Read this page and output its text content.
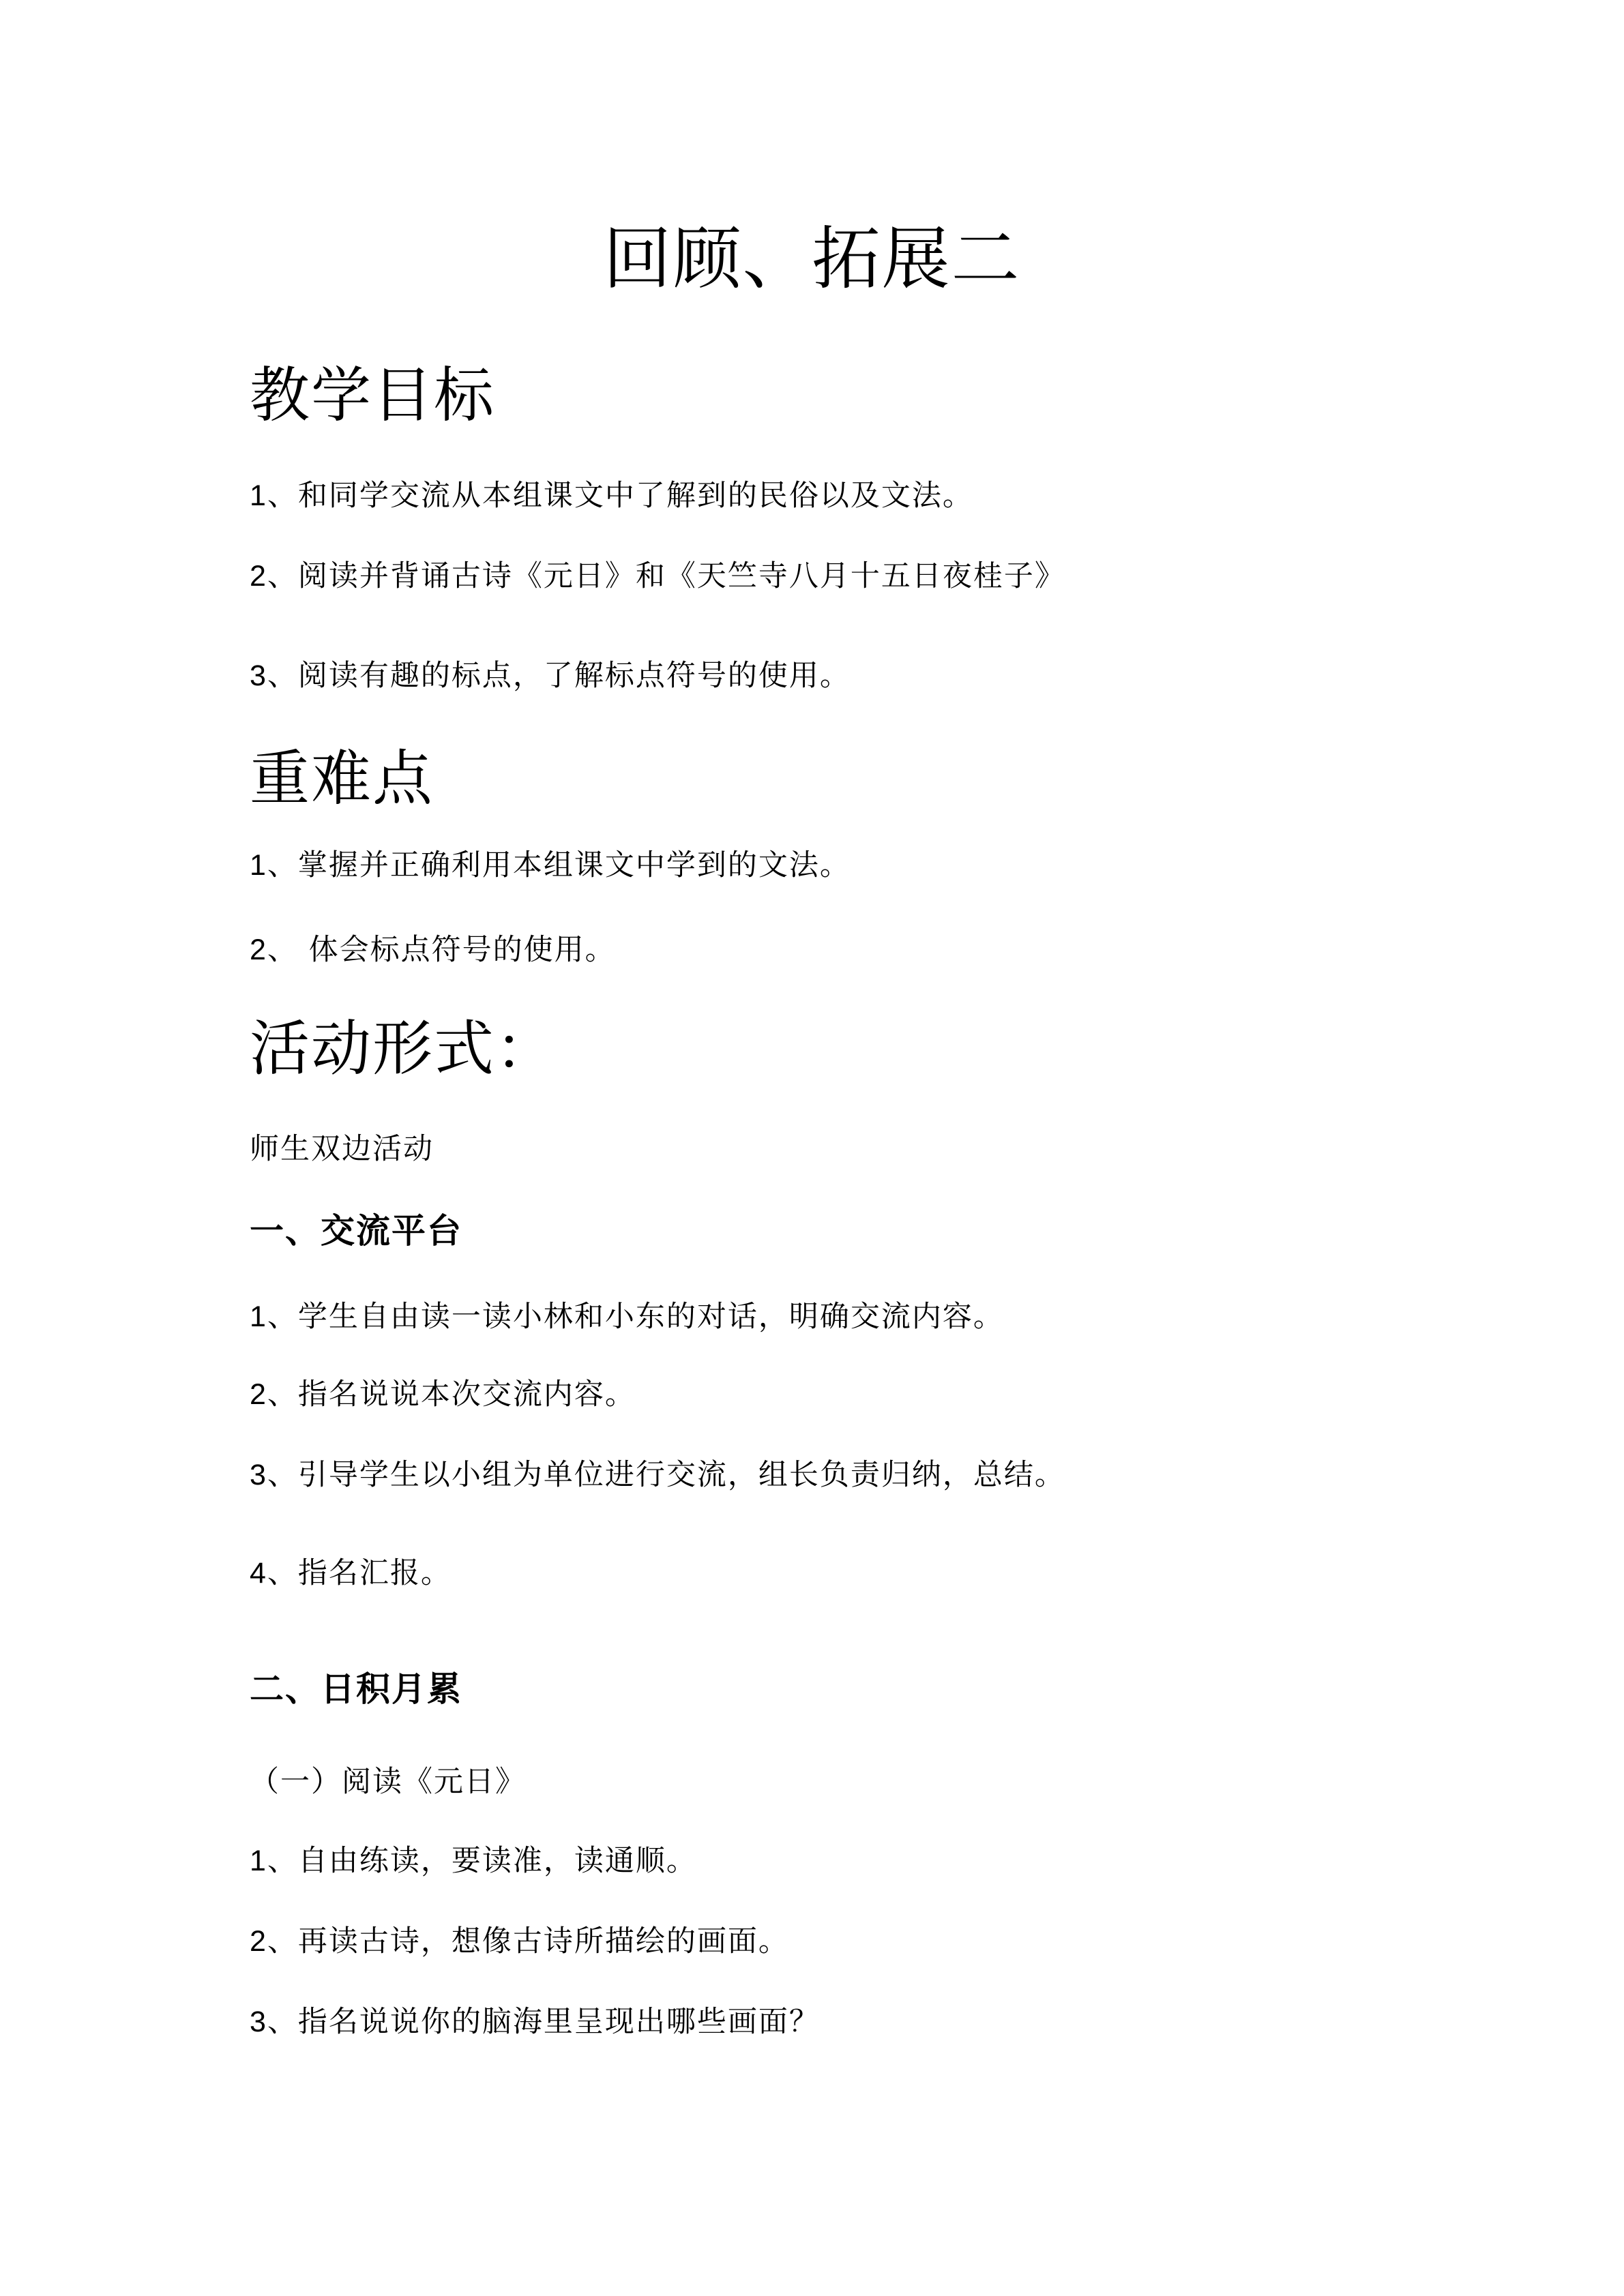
回顾、拓展二
教学目标
1、和同学交流从本组课文中了解到的民俗以及文法。
2、阅读并背诵古诗《元日》和《天竺寺八月十五日夜桂子》
3、阅读有趣的标点，了解标点符号的使用。
重难点
1、掌握并正确利用本组课文中学到的文法。
2、 体会标点符号的使用。
活动形式：
师生双边活动
一、交流平台
1、学生自由读一读小林和小东的对话，明确交流内容。
2、指名说说本次交流内容。
3、引导学生以小组为单位进行交流，组长负责归纳，总结。
4、指名汇报。
二、日积月累
（一）阅读《元日》
1、自由练读，要读准，读通顺。
2、再读古诗，想像古诗所描绘的画面。
3、指名说说你的脑海里呈现出哪些画面？
